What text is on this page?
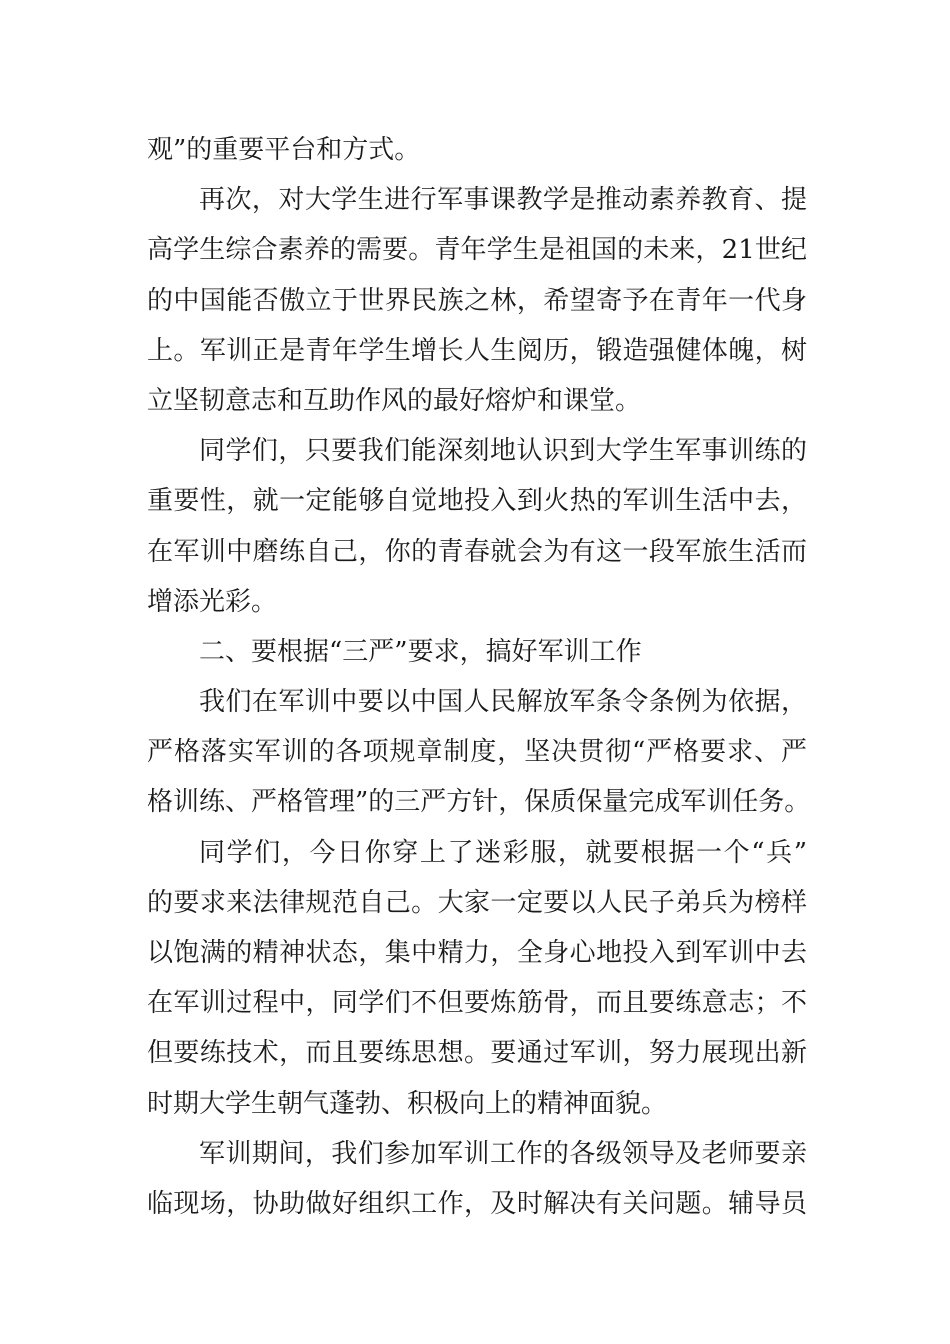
观”的重要平台和方式。
再次，对大学生进行军事课教学是推动素养教育、提
高学生综合素养的需要。青年学生是祖国的未来，21世纪
的中国能否傲立于世界民族之林，希望寄予在青年一代身
上。军训正是青年学生增长人生阅历，锻造强健体魄，树
立坚韧意志和互助作风的最好熔炉和课堂。
同学们，只要我们能深刻地认识到大学生军事训练的
重要性，就一定能够自觉地投入到火热的军训生活中去，
在军训中磨练自己，你的青春就会为有这一段军旅生活而
增添光彩。
二、要根据“三严”要求，搞好军训工作
我们在军训中要以中国人民解放军条令条例为依据，
严格落实军训的各项规章制度，坚决贯彻“严格要求、严
格训练、严格管理”的三严方针，保质保量完成军训任务。
同学们，今日你穿上了迷彩服，就要根据一个“兵”
的要求来法律规范自己。大家一定要以人民子弟兵为榜样
以饱满的精神状态，集中精力，全身心地投入到军训中去
在军训过程中，同学们不但要炼筋骨，而且要练意志；不
但要练技术，而且要练思想。要通过军训，努力展现出新
时期大学生朝气蓬勃、积极向上的精神面貌。
军训期间，我们参加军训工作的各级领导及老师要亲
临现场，协助做好组织工作，及时解决有关问题。辅导员
